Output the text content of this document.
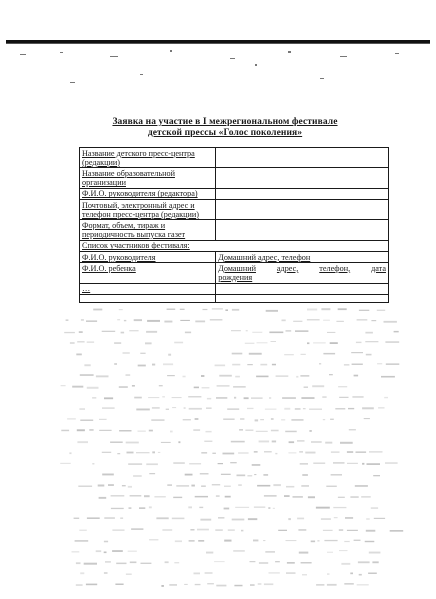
Заявка на участие в I межрегиональном фестивале
детской прессы «Голос поколения»
Название детского пресс-центра (редакции)	
Название образовательной организации	
Ф.И.О. руководителя (редактора)	
Почтовый, электронный адрес и телефон пресс-центра (редакции)	
Формат, объем, тираж и периодичность выпуска газет	
Список участников фестиваля:	
Ф.И.О. руководителя	Домашний адрес, телефон
Ф.И.О. ребенка	Домашний адрес, телефон, дата
рождения

…	
